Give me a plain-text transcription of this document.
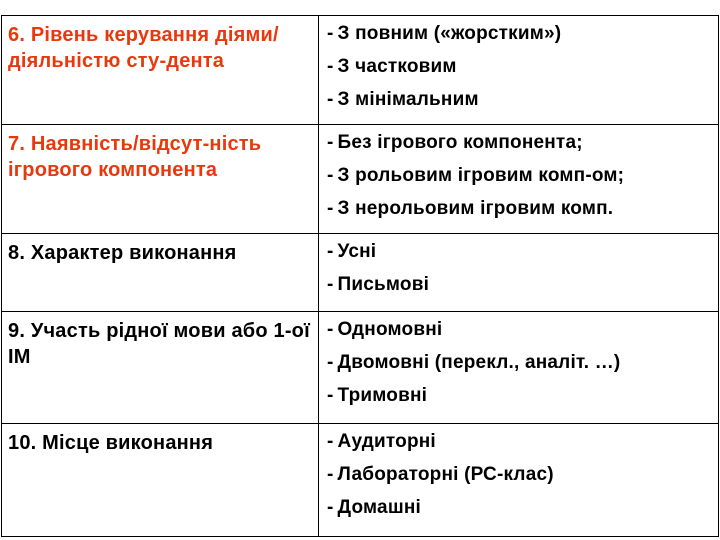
6. Рівень керування діями/діяльністю сту-дента	- З повним («жорстким»)
- З частковим
- З мінімальним

7. Наявність/відсут-ність ігрового компонента	- Без ігрового компонента;
- З рольовим ігровим комп-ом;
- З нерольовим ігровим комп.

8. Характер виконання	- Усні
- Письмові

9. Участь рідної мови або 1-ої ІМ	- Одномовні
- Двомовні (перекл., аналіт. …)
- Тримовні

10. Місце виконання	- Аудиторні
- Лабораторні (РС-клас)
- Домашні
